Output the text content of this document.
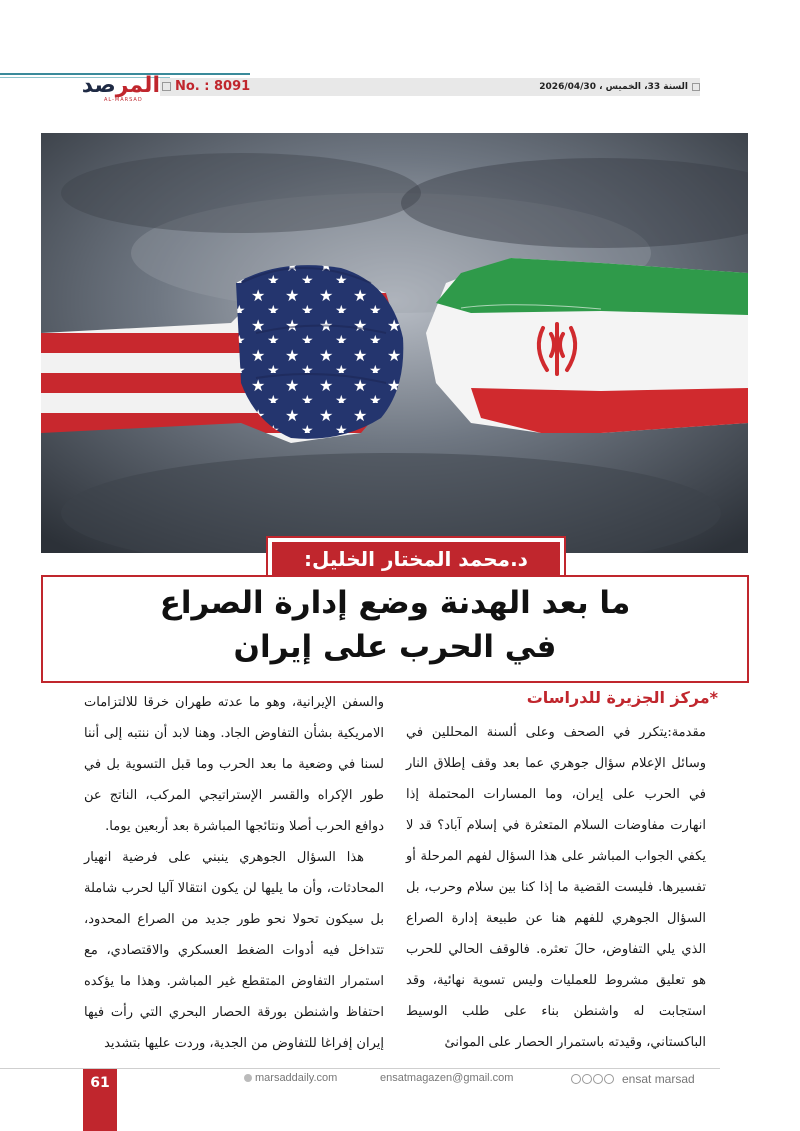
المرصد
AL-MARSAD
No. : 8091	السنة 33، الخميس ، 2026/04/30
د.محمد المختار الخليل:
ما بعد الهدنة وضع إدارة الصراع
في الحرب على إيران
*مركز الجزيرة للدراسات

مقدمة:يتكرر في الصحف وعلى ألسنة المحللين في وسائل الإعلام سؤال جوهري عما بعد وقف إطلاق النار في الحرب على إيران، وما المسارات المحتملة إذا انهارت مفاوضات السلام المتعثرة في إسلام آباد؟ قد لا يكفي الجواب المباشر على هذا السؤال لفهم المرحلة أو تفسيرها. فليست القضية ما إذا كنا بين سلام وحرب، بل السؤال الجوهري للفهم هنا عن طبيعة إدارة الصراع الذي يلي التفاوض، حالَ تعثره. فالوقف الحالي للحرب هو تعليق مشروط للعمليات وليس تسوية نهائية، وقد استجابت له واشنطن بناء على طلب الوسيط الباكستاني، وقيدته باستمرار الحصار على الموانئ

والسفن الإيرانية، وهو ما عدته طهران خرقا للالتزامات الامريكية بشأن التفاوض الجاد. وهنا لابد أن ننتبه إلى أننا لسنا في وضعية ما بعد الحرب وما قبل التسوية بل في طور الإكراه والقسر الإستراتيجي المركب، الناتج عن دوافع الحرب أصلا ونتائجها المباشرة بعد أربعين يوما.

هذا السؤال الجوهري ينبني على فرضية انهيار المحادثات، وأن ما يليها لن يكون انتقالا آليا لحرب شاملة بل سيكون تحولا نحو طور جديد من الصراع المحدود، تتداخل فيه أدوات الضغط العسكري والاقتصادي، مع استمرار التفاوض المتقطع غير المباشر. وهذا ما يؤكده احتفاظ واشنطن بورقة الحصار البحري التي رأت فيها إيران إفراغا للتفاوض من الجدية، وردت عليها بتشديد

61	marsaddaily.com	ensatmagazen@gmail.com	ensat marsad
